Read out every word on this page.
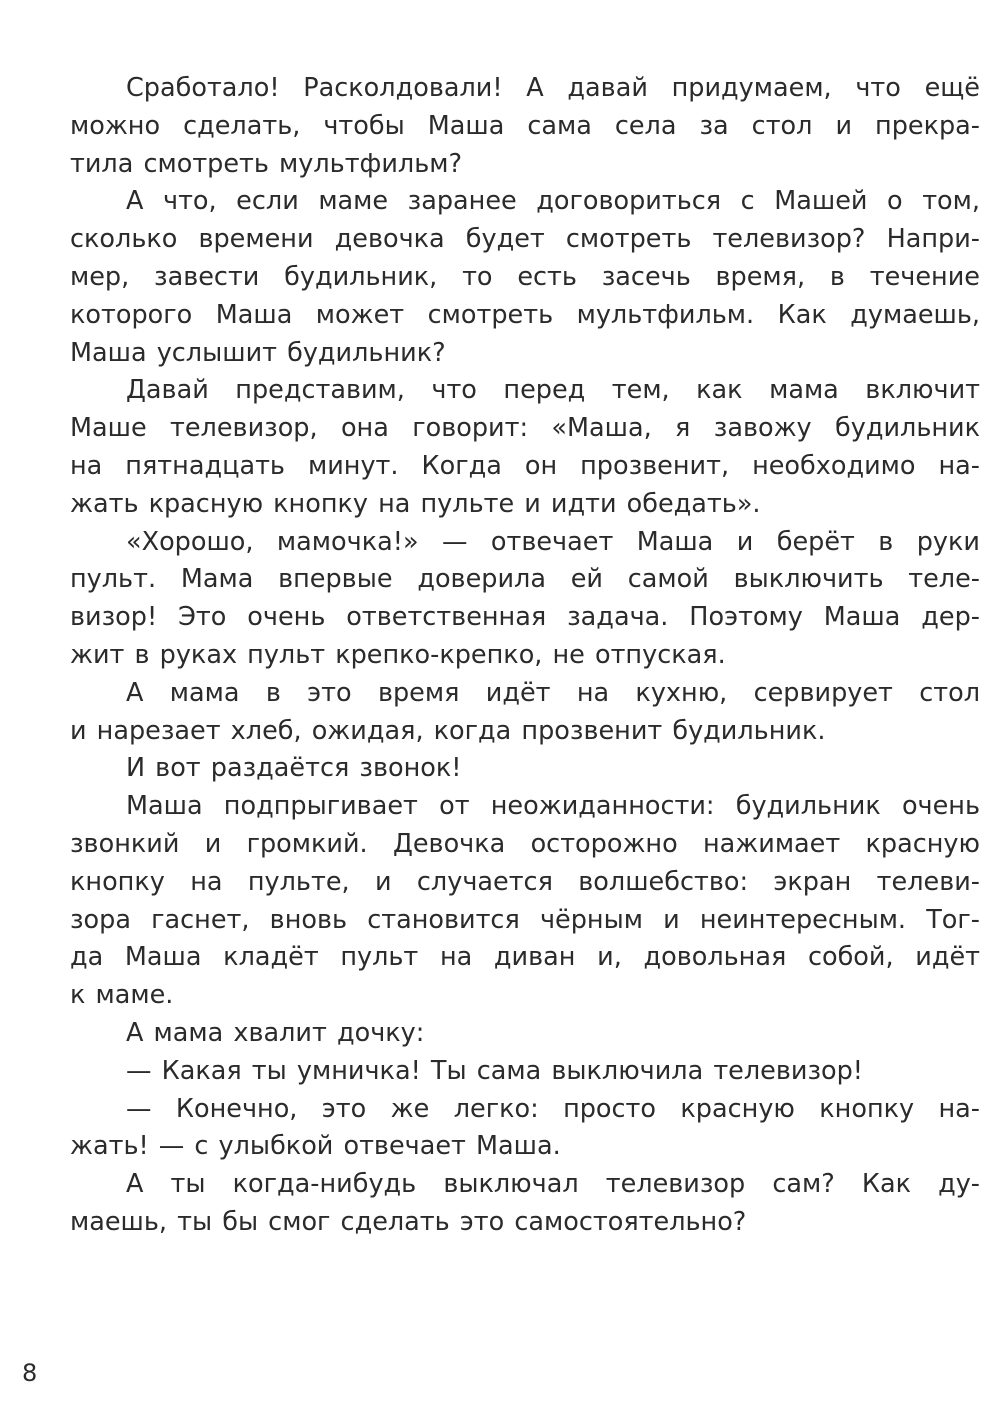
Сработало! Расколдовали! А давай придумаем, что ещё
можно сделать, чтобы Маша сама села за стол и прекра-
тила смотреть мультфильм?
А что, если маме заранее договориться с Машей о том,
сколько времени девочка будет смотреть телевизор? Напри-
мер, завести будильник, то есть засечь время, в течение
которого Маша может смотреть мультфильм. Как думаешь,
Маша услышит будильник?
Давай представим, что перед тем, как мама включит
Маше телевизор, она говорит: «Маша, я завожу будильник
на пятнадцать минут. Когда он прозвенит, необходимо на-
жать красную кнопку на пульте и идти обедать».
«Хорошо, мамочка!» — отвечает Маша и берёт в руки
пульт. Мама впервые доверила ей самой выключить теле-
визор! Это очень ответственная задача. Поэтому Маша дер-
жит в руках пульт крепко-крепко, не отпуская.
А мама в это время идёт на кухню, сервирует стол
и нарезает хлеб, ожидая, когда прозвенит будильник.
И вот раздаётся звонок!
Маша подпрыгивает от неожиданности: будильник очень
звонкий и громкий. Девочка осторожно нажимает красную
кнопку на пульте, и случается волшебство: экран телеви-
зора гаснет, вновь становится чёрным и неинтересным. Тог-
да Маша кладёт пульт на диван и, довольная собой, идёт
к маме.
А мама хвалит дочку:
— Какая ты умничка! Ты сама выключила телевизор!
— Конечно, это же легко: просто красную кнопку на-
жать! — с улыбкой отвечает Маша.
А ты когда-нибудь выключал телевизор сам? Как ду-
маешь, ты бы смог сделать это самостоятельно?
8
